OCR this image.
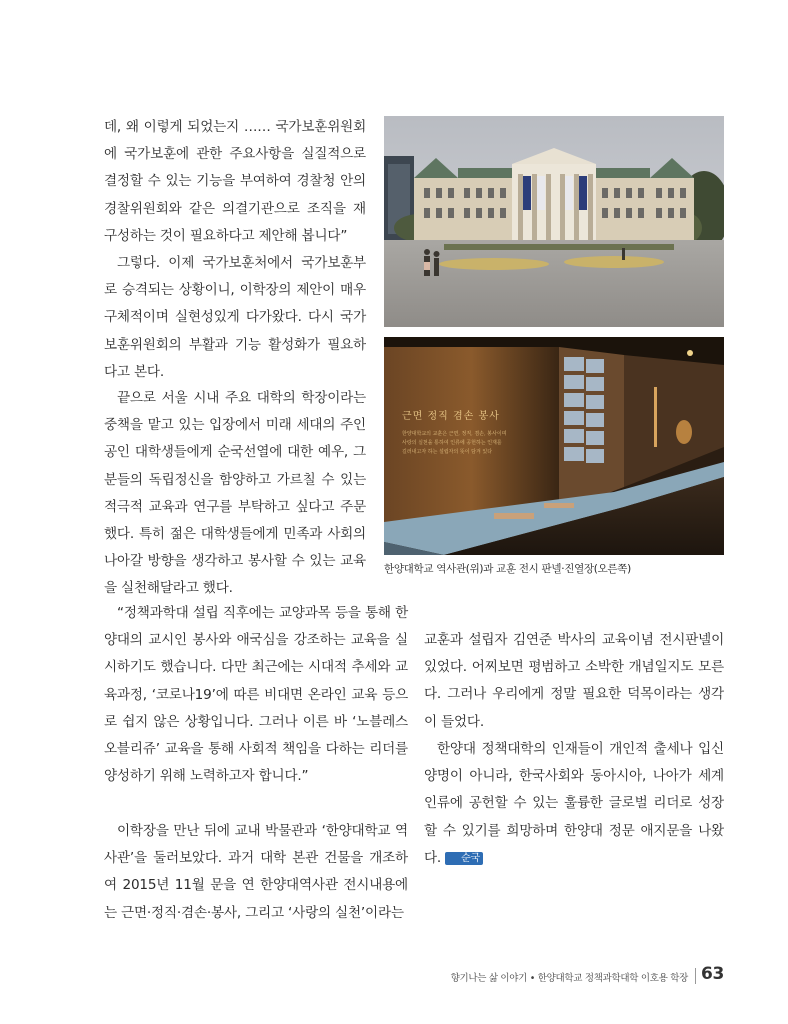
데, 왜 이렇게 되었는지 …… 국가보훈위원회에 국가보훈에 관한 주요사항을 실질적으로 결정할 수 있는 기능을 부여하여 경찰청 안의 경찰위원회와 같은 의결기관으로 조직을 재구성하는 것이 필요하다고 제안해 봅니다”

그렇다. 이제 국가보훈처에서 국가보훈부로 승격되는 상황이니, 이학장의 제안이 매우 구체적이며 실현성있게 다가왔다. 다시 국가보훈위원회의 부활과 기능 활성화가 필요하다고 본다.

끝으로 서울 시내 주요 대학의 학장이라는 중책을 맡고 있는 입장에서 미래 세대의 주인공인 대학생들에게 순국선열에 대한 예우, 그분들의 독립정신을 함양하고 가르칠 수 있는 적극적 교육과 연구를 부탁하고 싶다고 주문했다. 특히 젊은 대학생들에게 민족과 사회의 나아갈 방향을 생각하고 봉사할 수 있는 교육을 실천해달라고 했다.

“정책과학대 설립 직후에는 교양과목 등을 통해 한양대의 교시인 봉사와 애국심을 강조하는 교육을 실시하기도 했습니다. 다만 최근에는 시대적 추세와 교육과정, ‘코로나19’에 따른 비대면 온라인 교육 등으로 쉽지 않은 상황입니다. 그러나 이른 바 ‘노블레스 오블리쥬’ 교육을 통해 사회적 책임을 다하는 리더를 양성하기 위해 노력하고자 합니다.”

이학장을 만난 뒤에 교내 박물관과 ‘한양대학교 역사관’을 둘러보았다. 과거 대학 본관 건물을 개조하여 2015년 11월 문을 연 한양대역사관 전시내용에는 근면·정직·겸손·봉사, 그리고 ‘사랑의 실천’이라는

교훈과 설립자 김연준 박사의 교육이념 전시판넬이 있었다. 어찌보면 평범하고 소박한 개념일지도 모른다. 그러나 우리에게 정말 필요한 덕목이라는 생각이 들었다.

한양대 정책대학의 인재들이 개인적 출세나 입신양명이 아니라, 한국사회와 동아시아, 나아가 세계 인류에 공헌할 수 있는 훌륭한 글로벌 리더로 성장할 수 있기를 희망하며 한양대 정문 애지문을 나왔다. 순국

근면 정직 겸손 봉사
한양대학교의 교훈은 근면, 정직, 겸손, 봉사이며
사랑의 실천을 통하여 인류에 공헌하는 인재를
길러내고자 하는 설립자의 뜻이 담겨 있다
한양대학교 역사관(위)과 교훈 전시 판넬·진열장(오른쪽)
향기나는 삶 이야기 • 한양대학교 정책과학대학 이호용 학장 63
